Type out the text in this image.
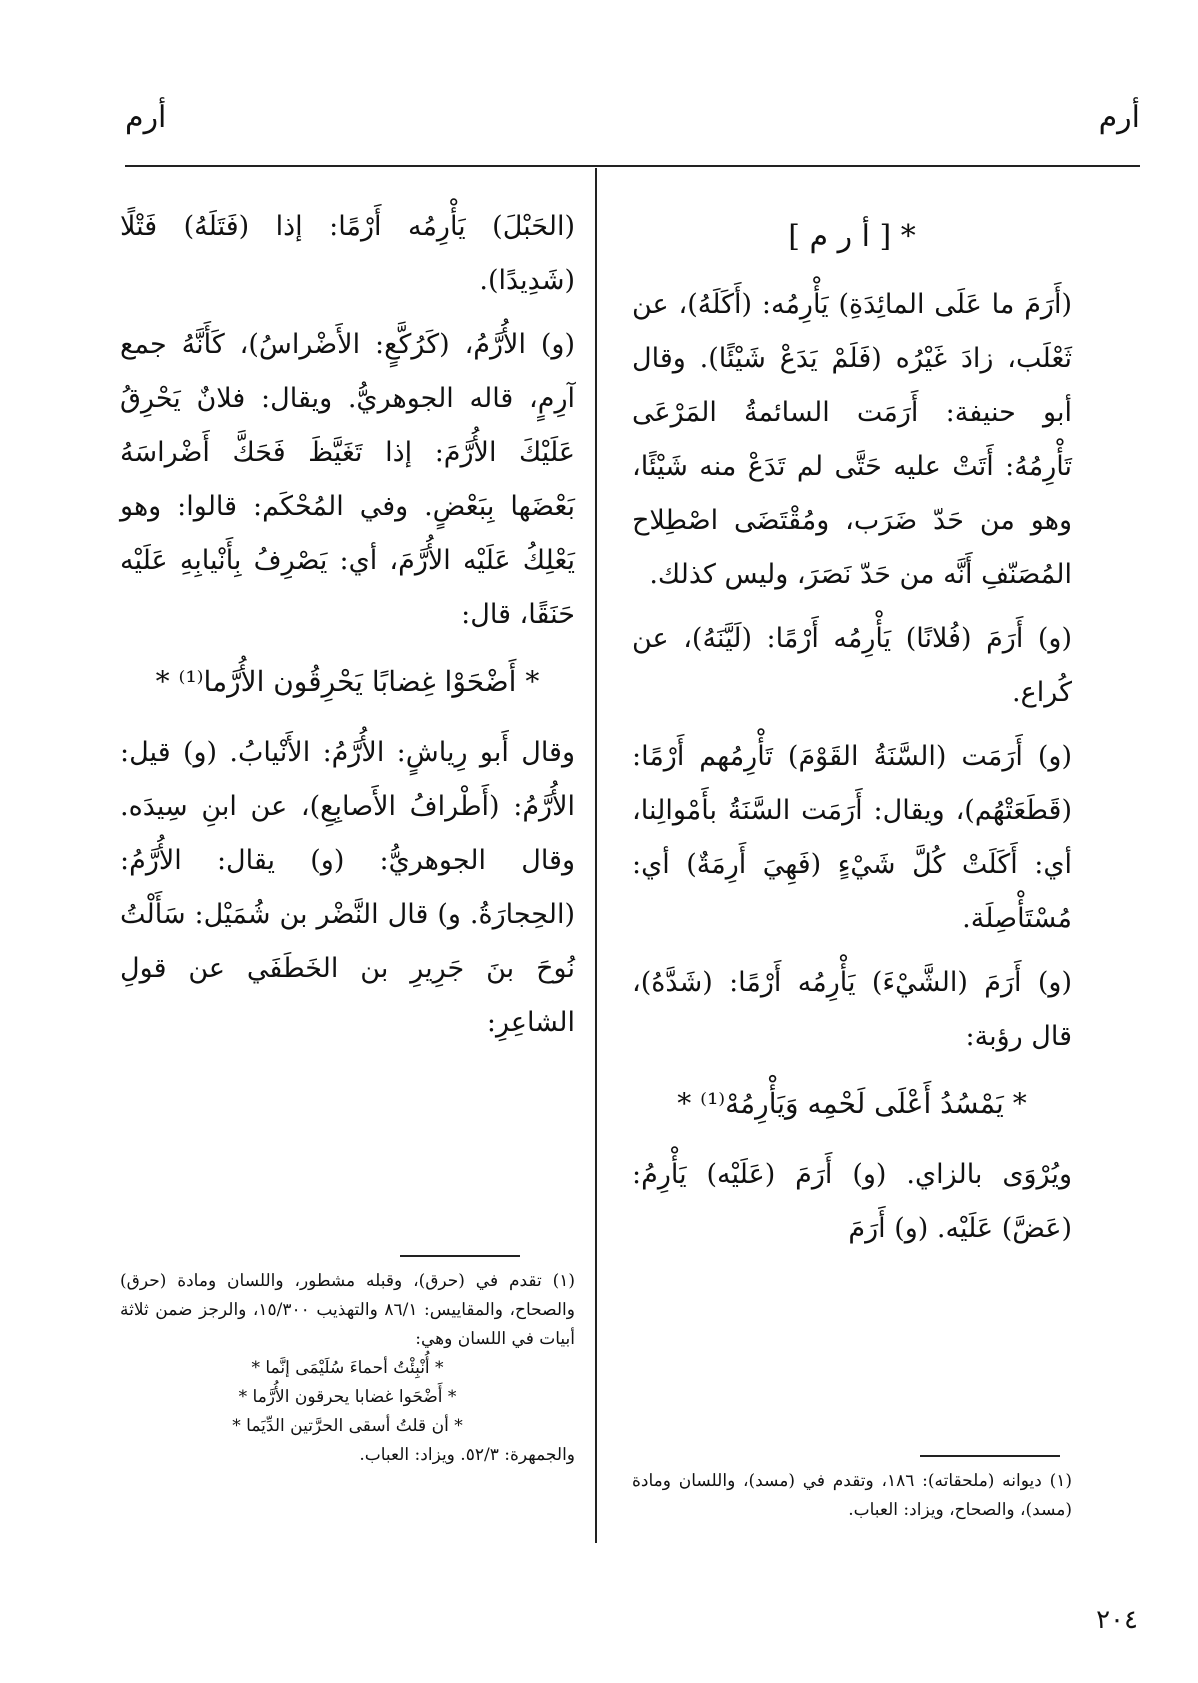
أرم
أرم
* [ أ ر م ]

(أَرَمَ ما عَلَى المائِدَةِ) يَأْرِمُه: (أَكَلَهُ)، عن ثَعْلَب، زادَ غَيْرُه (فَلَمْ يَدَعْ شَيْئًا). وقال أبو حنيفة: أَرَمَت السائمةُ المَرْعَى تَأْرِمُهُ: أَتَتْ عليه حَتَّى لم تَدَعْ منه شَيْئًا، وهو من حَدّ ضَرَب، ومُقْتَضَى اصْطِلاح المُصَنّفِ أَنَّه من حَدّ نَصَرَ، وليس كذلك.

(و) أَرَمَ (فُلانًا) يَأْرِمُه أَرْمًا: (لَيَّنَهُ)، عن كُراع.

(و) أَرَمَت (السَّنَةُ القَوْمَ) تَأْرِمُهم أَرْمًا: (قَطَعَتْهُم)، ويقال: أَرَمَت السَّنَةُ بأَمْوالِنا، أي: أَكَلَتْ كُلَّ شَيْءٍ (فَهِيَ أَرِمَةٌ) أي: مُسْتَأْصِلَة.

(و) أَرَمَ (الشَّيْءَ) يَأْرِمُه أَرْمًا: (شَدَّهُ)، قال رؤبة:

* يَمْسُدُ أَعْلَى لَحْمِه وَيَأْرِمُهْ⁽¹⁾ *

ويُرْوَى بالزاي. (و) أَرَمَ (عَلَيْه) يَأْرِمُ: (عَضَّ) عَلَيْه. (و) أَرَمَ

(الحَبْلَ) يَأْرِمُه أَرْمًا: إذا (فَتَلَهُ) فَتْلًا (شَدِيدًا).

(و) الأُرَّمُ، (كَرُكَّعٍ: الأَضْراسُ)، كَأَنَّهُ جمع آرِمٍ، قاله الجوهريُّ. ويقال: فلانٌ يَحْرِقُ عَلَيْكَ الأُرَّمَ: إذا تَغَيَّظَ فَحَكَّ أَضْراسَهُ بَعْضَها بِبَعْضٍ. وفي المُحْكَم: قالوا: وهو يَعْلِكُ عَلَيْه الأُرَّمَ، أي: يَصْرِفُ بِأَنْيابِهِ عَلَيْه حَنَقًا، قال:

* أَضْحَوْا غِضابًا يَحْرِقُون الأُرَّما⁽¹⁾ *

وقال أَبو رِياشٍ: الأُرَّمُ: الأَنْيابُ. (و) قيل: الأُرَّمُ: (أَطْرافُ الأَصابِعِ)، عن ابنِ سِيدَه. وقال الجوهريُّ: (و) يقال: الأُرَّمُ: (الحِجارَةُ. و) قال النَّضْر بن شُمَيْل: سَأَلْتُ نُوحَ بنَ جَرِيرِ بن الخَطَفَي عن قولِ الشاعِرِ:

(١) ديوانه (ملحقاته): ١٨٦، وتقدم في (مسد)، واللسان ومادة (مسد)، والصحاح، ويزاد: العباب.
(١) تقدم في (حرق)، وقبله مشطور، واللسان ومادة (حرق) والصحاح، والمقاييس: ٨٦/١ والتهذيب ١٥/٣٠٠، والرجز ضمن ثلاثة أبيات في اللسان وهي:
* أُنْبِئْتُ أحماءَ سُلَيْمَى إنَّما *
* أَضْحَوا غضابا يحرقون الأُرَّما *
* أن قلتُ أسقى الحرَّتين الدِّيَما *
والجمهرة: ٥٢/٣. ويزاد: العباب.
٢٠٤
